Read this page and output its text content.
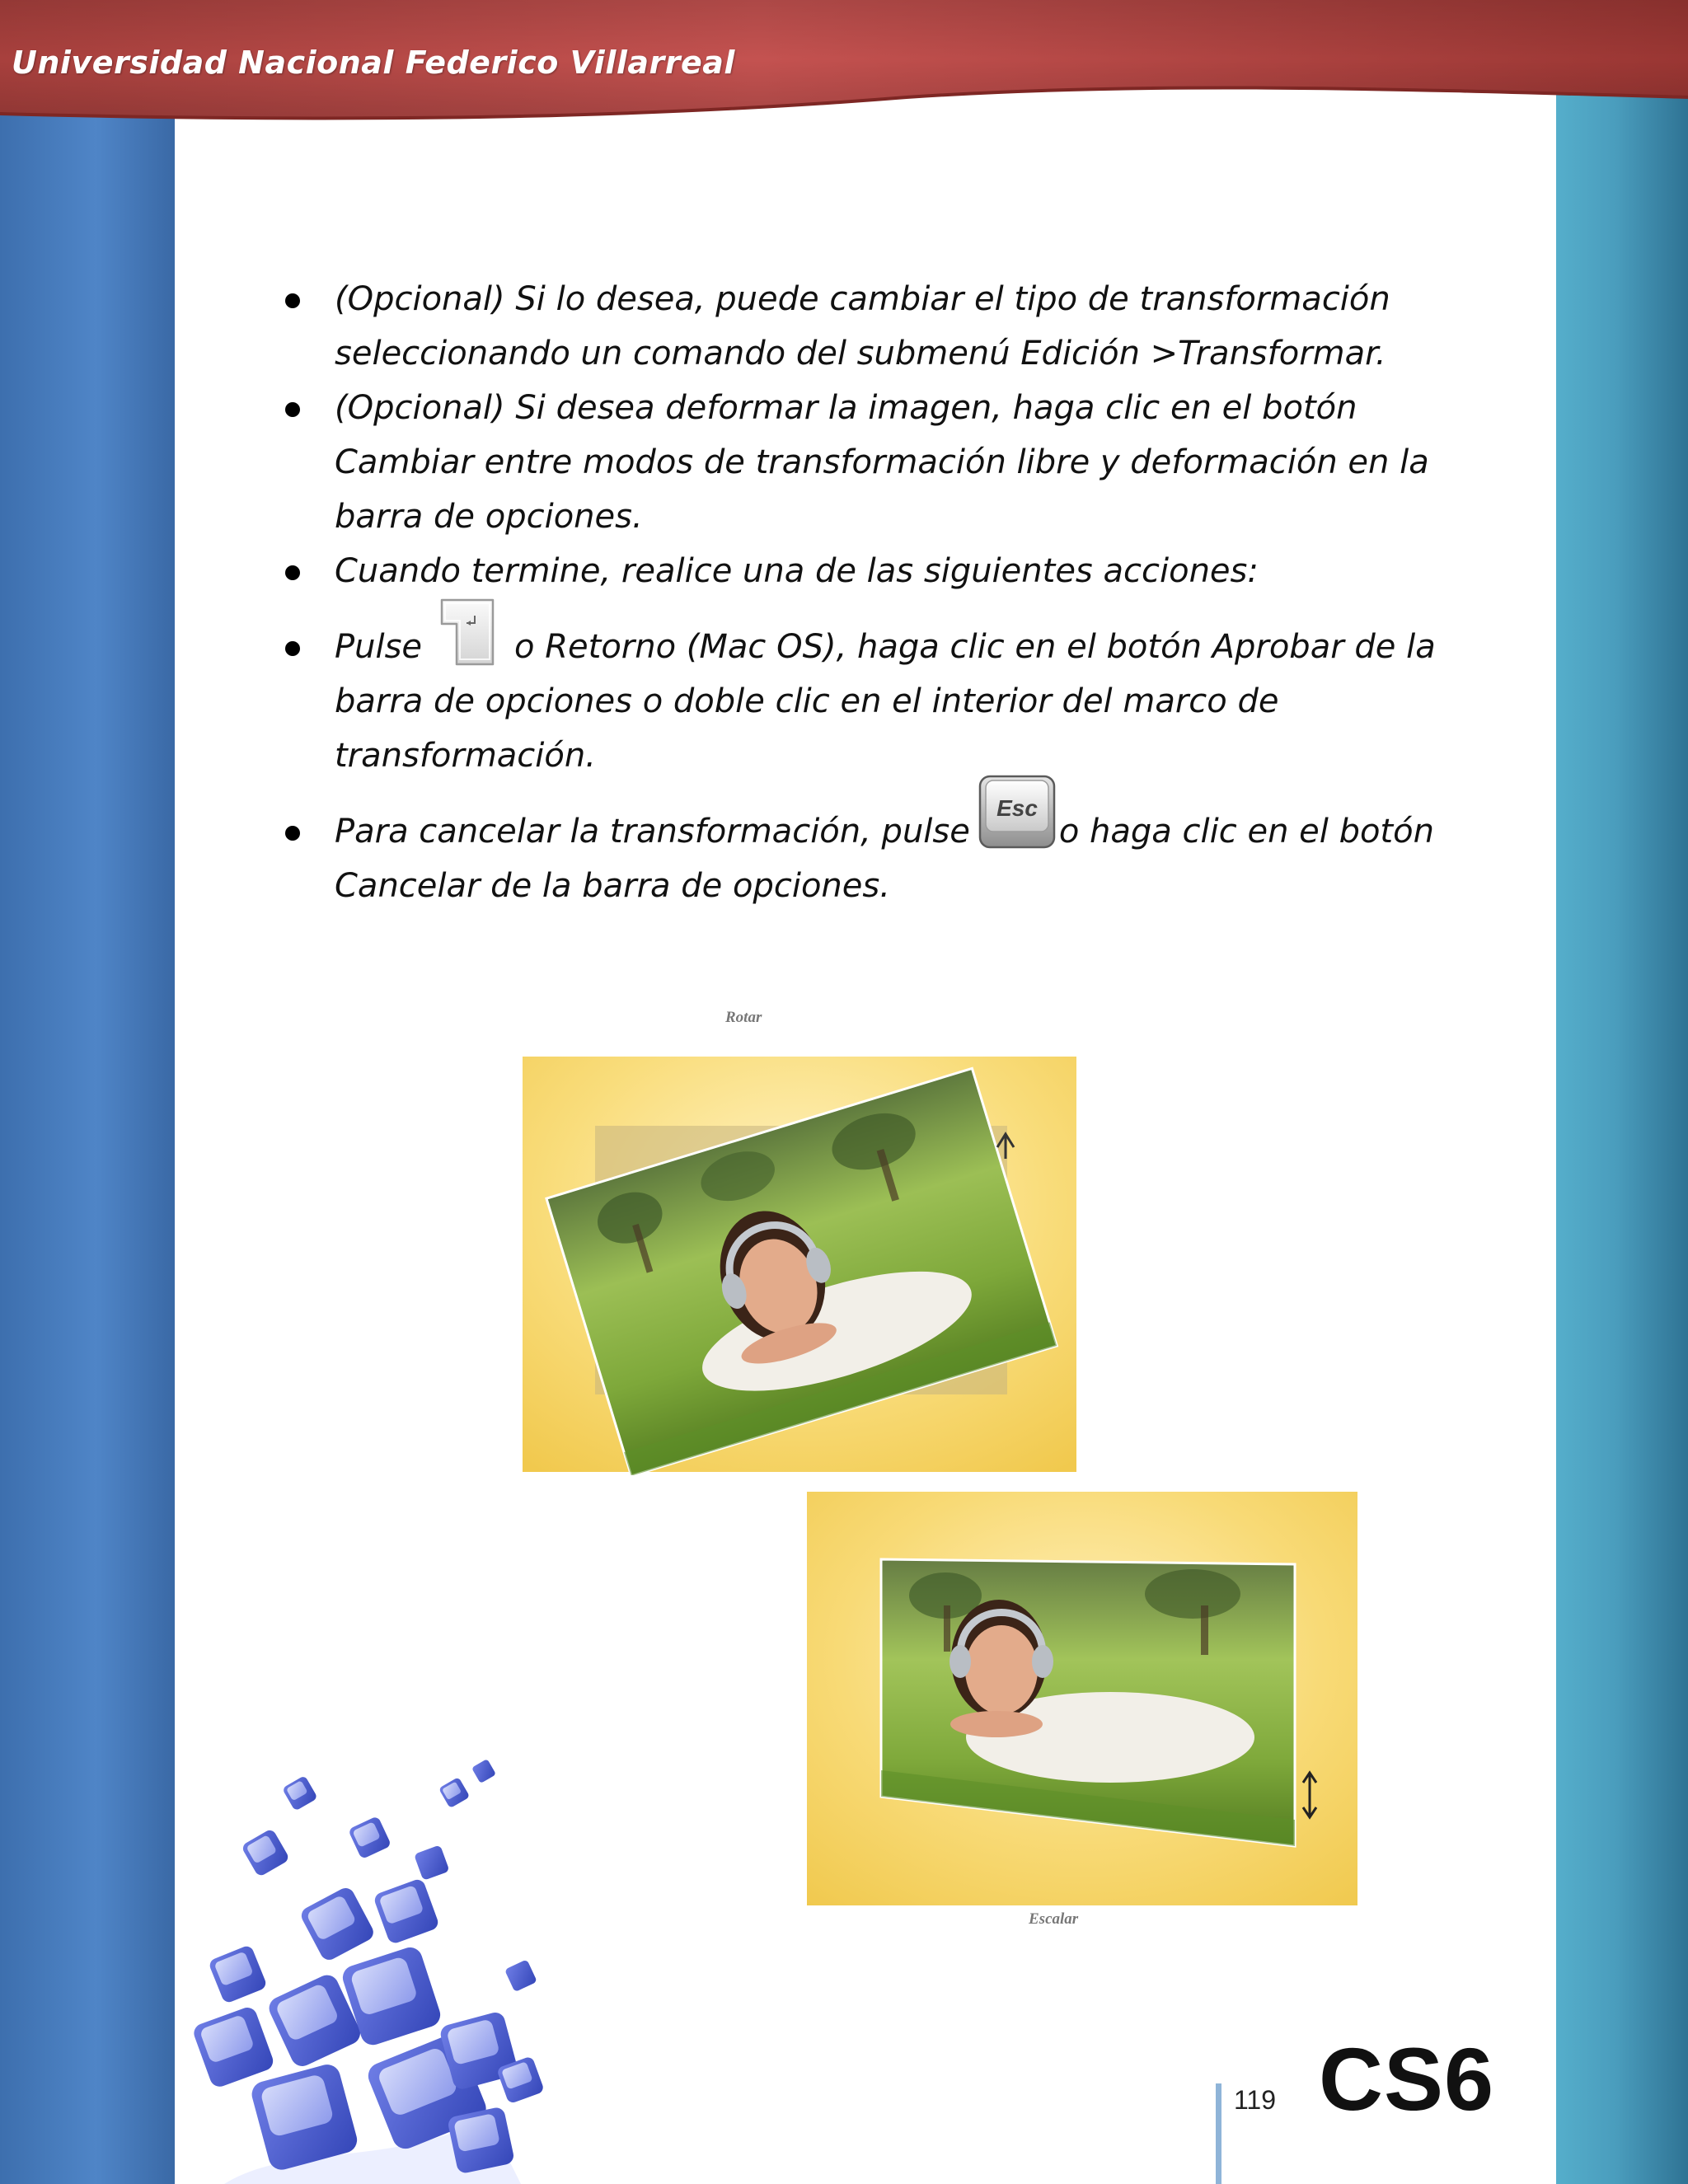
Universidad Nacional Federico Villarreal
(Opcional) Si lo desea, puede cambiar el tipo de transformación seleccionando un comando del submenú Edición >Transformar.
(Opcional) Si desea deformar la imagen, haga clic en el botón Cambiar entre modos de transformación libre y deformación en la barra de opciones.
Cuando termine, realice una de las siguientes acciones:
Pulse	o Retorno (Mac OS), haga clic en el botón Aprobar de la barra de opciones o doble clic en el interior del marco de transformación.
Para cancelar la transformación, pulse
Esc
o haga clic en el botón Cancelar de la barra de opciones.
Rotar
Escalar
119 CS6
